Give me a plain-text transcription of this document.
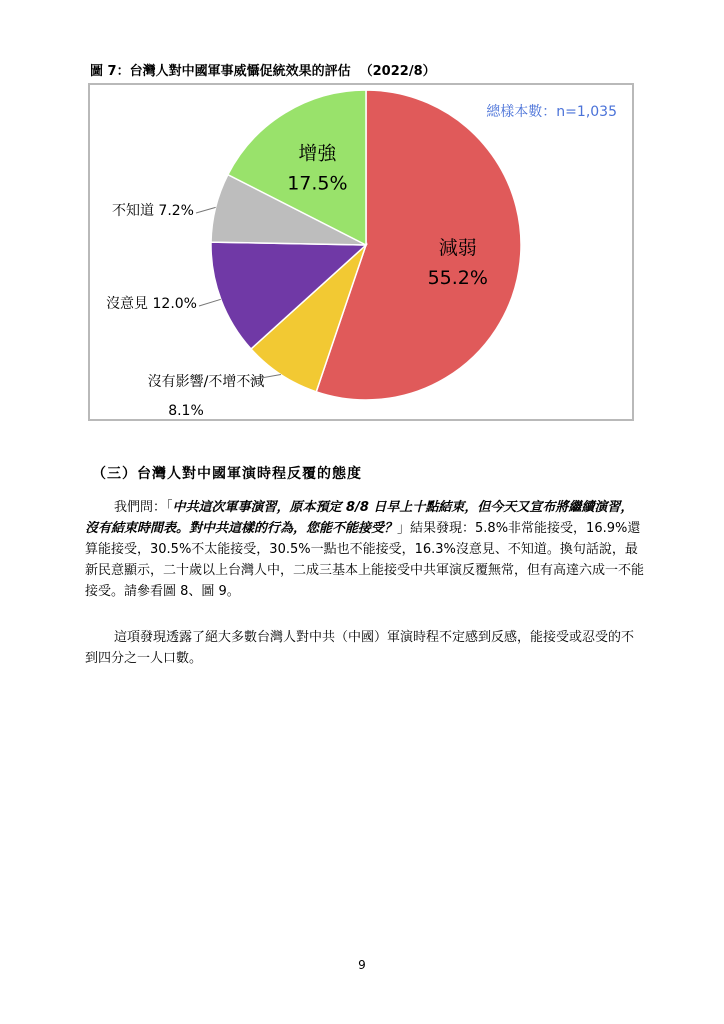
圖 7：台灣人對中國軍事威懾促統效果的評估 （2022/8）
總樣本數：n=1,035
減弱
55.2%
增強
17.5%
不知道 7.2%
沒意見 12.0%
沒有影響/不增不減
8.1%
（三）台灣人對中國軍演時程反覆的態度
我們問：「中共這次軍事演習，原本預定 8/8 日早上十點結束，但今天又宣布將繼續演習，沒有結束時間表。對中共這樣的行為，您能不能接受？」結果發現：5.8%非常能接受，16.9%還算能接受，30.5%不太能接受，30.5%一點也不能接受，16.3%沒意見、不知道。換句話說，最新民意顯示，二十歲以上台灣人中，二成三基本上能接受中共軍演反覆無常，但有高達六成一不能接受。請參看圖 8、圖 9。
這項發現透露了絕大多數台灣人對中共（中國）軍演時程不定感到反感，能接受或忍受的不到四分之一人口數。
9
